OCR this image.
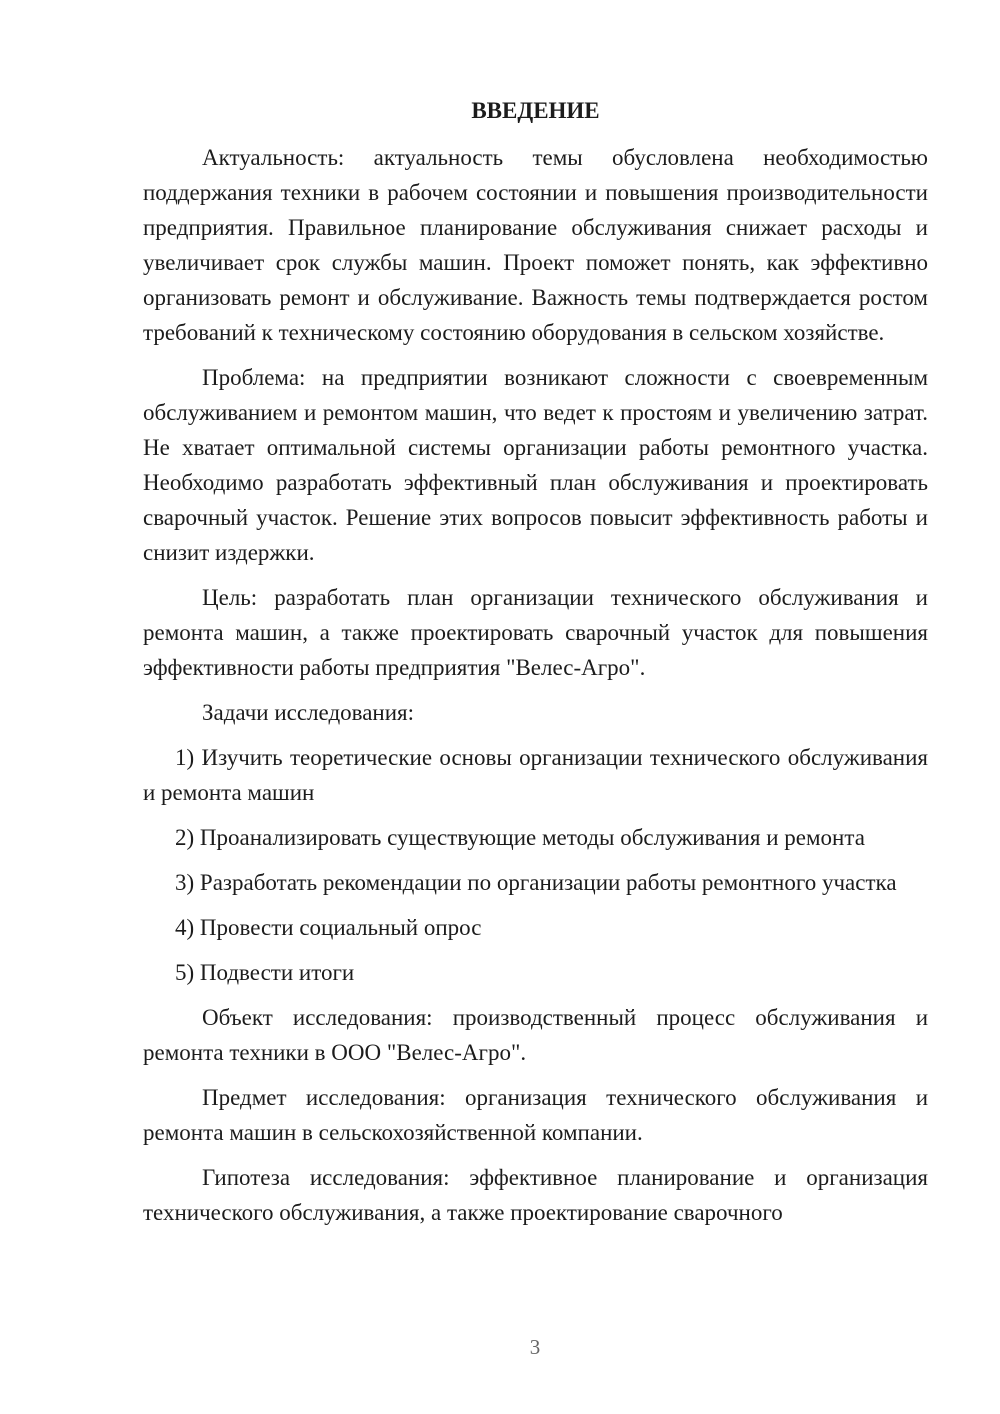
ВВЕДЕНИЕ

Актуальность: актуальность темы обусловлена необходимостью поддержания техники в рабочем состоянии и повышения производительности предприятия. Правильное планирование обслуживания снижает расходы и увеличивает срок службы машин. Проект поможет понять, как эффективно организовать ремонт и обслуживание. Важность темы подтверждается ростом требований к техническому состоянию оборудования в сельском хозяйстве.

Проблема: на предприятии возникают сложности с своевременным обслуживанием и ремонтом машин, что ведет к простоям и увеличению затрат. Не хватает оптимальной системы организации работы ремонтного участка. Необходимо разработать эффективный план обслуживания и проектировать сварочный участок. Решение этих вопросов повысит эффективность работы и снизит издержки.

Цель: разработать план организации технического обслуживания и ремонта машин, а также проектировать сварочный участок для повышения эффективности работы предприятия "Велес-Агро".

Задачи исследования:

1) Изучить теоретические основы организации технического обслуживания и ремонта машин

2) Проанализировать существующие методы обслуживания и ремонта

3) Разработать рекомендации по организации работы ремонтного участка

4) Провести социальный опрос

5) Подвести итоги

Объект исследования: производственный процесс обслуживания и ремонта техники в ООО "Велес-Агро".

Предмет исследования: организация технического обслуживания и ремонта машин в сельскохозяйственной компании.

Гипотеза исследования: эффективное планирование и организация технического обслуживания, а также проектирование сварочного

3
